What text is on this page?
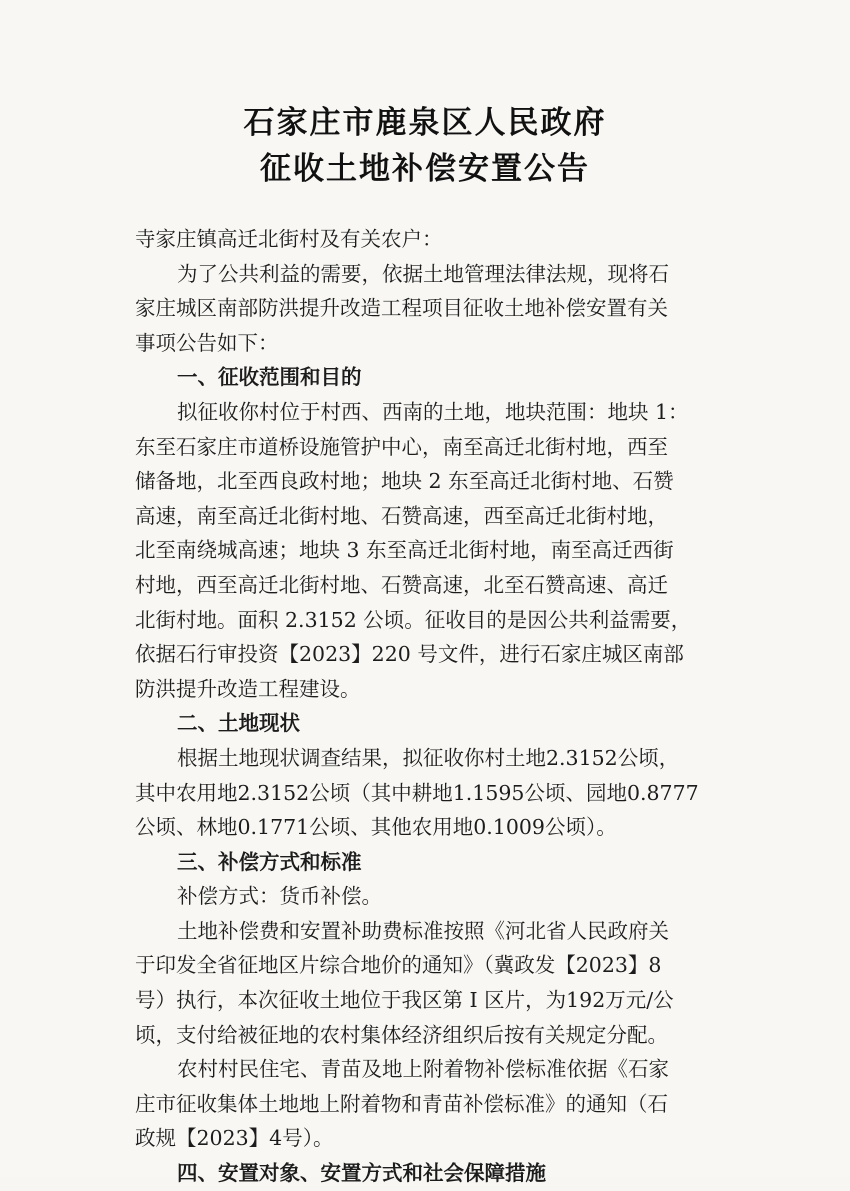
石家庄市鹿泉区人民政府
征收土地补偿安置公告
寺家庄镇高迁北街村及有关农户：
为了公共利益的需要，依据土地管理法律法规，现将石
家庄城区南部防洪提升改造工程项目征收土地补偿安置有关
事项公告如下：
一、征收范围和目的
拟征收你村位于村西、西南的土地，地块范围：地块 1：
东至石家庄市道桥设施管护中心，南至高迁北街村地，西至
储备地，北至西良政村地；地块 2 东至高迁北街村地、石赞
高速，南至高迁北街村地、石赞高速，西至高迁北街村地，
北至南绕城高速；地块 3 东至高迁北街村地，南至高迁西街
村地，西至高迁北街村地、石赞高速，北至石赞高速、高迁
北街村地。面积 2.3152 公顷。征收目的是因公共利益需要，
依据石行审投资【2023】220 号文件，进行石家庄城区南部
防洪提升改造工程建设。
二、土地现状
根据土地现状调查结果，拟征收你村土地2.3152公顷，
其中农用地2.3152公顷（其中耕地1.1595公顷、园地0.8777
公顷、林地0.1771公顷、其他农用地0.1009公顷）。
三、补偿方式和标准
补偿方式：货币补偿。
土地补偿费和安置补助费标准按照《河北省人民政府关
于印发全省征地区片综合地价的通知》（冀政发【2023】8
号）执行，本次征收土地位于我区第 Ⅰ 区片，为192万元/公
顷，支付给被征地的农村集体经济组织后按有关规定分配。
农村村民住宅、青苗及地上附着物补偿标准依据《石家
庄市征收集体土地地上附着物和青苗补偿标准》的通知（石
政规【2023】4号）。
四、安置对象、安置方式和社会保障措施
